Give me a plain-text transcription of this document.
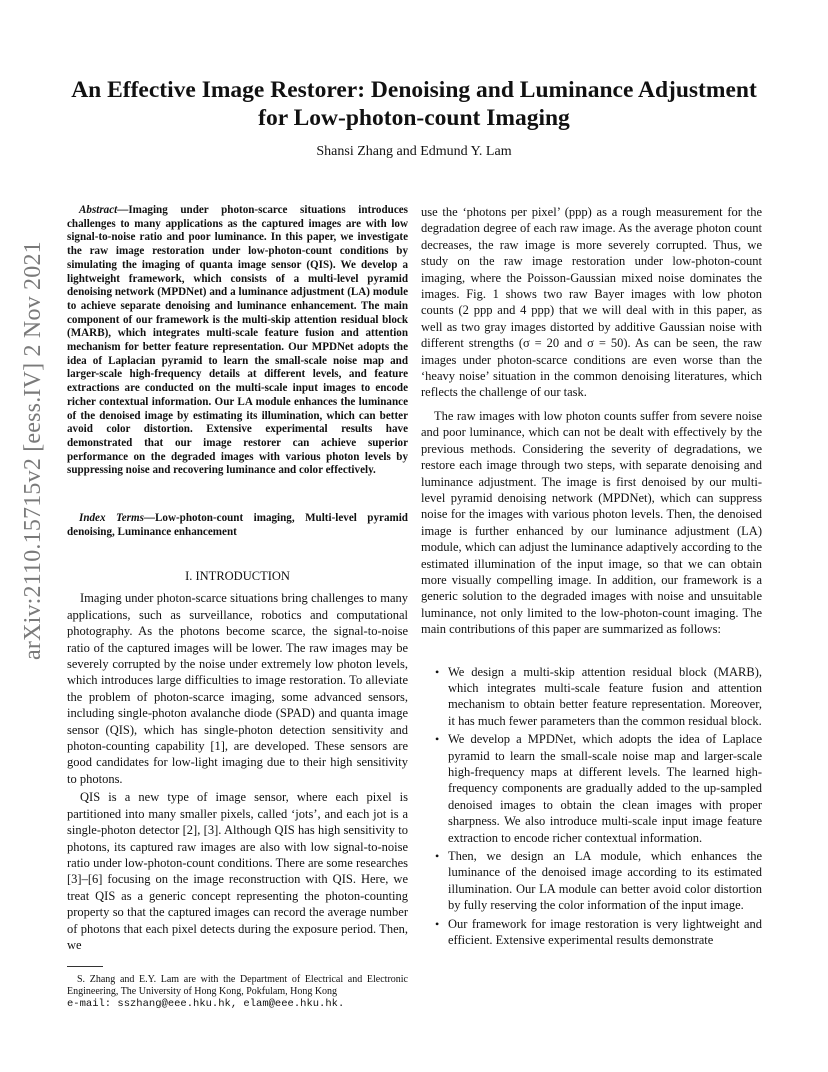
arXiv:2110.15715v2 [eess.IV] 2 Nov 2021
An Effective Image Restorer: Denoising and Luminance Adjustment
for Low-photon-count Imaging
Shansi Zhang and Edmund Y. Lam

Abstract—Imaging under photon-scarce situations introduces challenges to many applications as the captured images are with low signal-to-noise ratio and poor luminance. In this paper, we investigate the raw image restoration under low-photon-count conditions by simulating the imaging of quanta image sensor (QIS). We develop a lightweight framework, which consists of a multi-level pyramid denoising network (MPDNet) and a luminance adjustment (LA) module to achieve separate denoising and luminance enhancement. The main component of our framework is the multi-skip attention residual block (MARB), which integrates multi-scale feature fusion and attention mechanism for better feature representation. Our MPDNet adopts the idea of Laplacian pyramid to learn the small-scale noise map and larger-scale high-frequency details at different levels, and feature extractions are conducted on the multi-scale input images to encode richer contextual information. Our LA module enhances the luminance of the denoised image by estimating its illumination, which can better avoid color distortion. Extensive experimental results have demonstrated that our image restorer can achieve superior performance on the degraded images with various photon levels by suppressing noise and recovering luminance and color effectively.

Index Terms—Low-photon-count imaging, Multi-level pyramid denoising, Luminance enhancement

I. INTRODUCTION

Imaging under photon-scarce situations bring challenges to many applications, such as surveillance, robotics and computational photography. As the photons become scarce, the signal-to-noise ratio of the captured images will be lower. The raw images may be severely corrupted by the noise under extremely low photon levels, which introduces large difficulties to image restoration. To alleviate the problem of photon-scarce imaging, some advanced sensors, including single-photon avalanche diode (SPAD) and quanta image sensor (QIS), which has single-photon detection sensitivity and photon-counting capability [1], are developed. These sensors are good candidates for low-light imaging due to their high sensitivity to photons.

QIS is a new type of image sensor, where each pixel is partitioned into many smaller pixels, called ‘jots’, and each jot is a single-photon detector [2], [3]. Although QIS has high sensitivity to photons, its captured raw images are also with low signal-to-noise ratio under low-photon-count conditions. There are some researches [3]–[6] focusing on the image reconstruction with QIS. Here, we treat QIS as a generic concept representing the photon-counting property so that the captured images can record the average number of photons that each pixel detects during the exposure period. Then, we

use the ‘photons per pixel’ (ppp) as a rough measurement for the degradation degree of each raw image. As the average photon count decreases, the raw image is more severely corrupted. Thus, we study on the raw image restoration under low-photon-count imaging, where the Poisson-Gaussian mixed noise dominates the images. Fig. 1 shows two raw Bayer images with low photon counts (2 ppp and 4 ppp) that we will deal with in this paper, as well as two gray images distorted by additive Gaussian noise with different strengths (σ = 20 and σ = 50). As can be seen, the raw images under photon-scarce conditions are even worse than the ‘heavy noise’ situation in the common denoising literatures, which reflects the challenge of our task.

The raw images with low photon counts suffer from severe noise and poor luminance, which can not be dealt with effectively by the previous methods. Considering the severity of degradations, we restore each image through two steps, with separate denoising and luminance adjustment. The image is first denoised by our multi-level pyramid denoising network (MPDNet), which can suppress noise for the images with various photon levels. Then, the denoised image is further enhanced by our luminance adjustment (LA) module, which can adjust the luminance adaptively according to the estimated illumination of the input image, so that we can obtain more visually compelling image. In addition, our framework is a generic solution to the degraded images with noise and unsuitable luminance, not only limited to the low-photon-count imaging. The main contributions of this paper are summarized as follows:

• We design a multi-skip attention residual block (MARB), which integrates multi-scale feature fusion and attention mechanism to obtain better feature representation. Moreover, it has much fewer parameters than the common residual block.
• We develop a MPDNet, which adopts the idea of Laplace pyramid to learn the small-scale noise map and larger-scale high-frequency maps at different levels. The learned high-frequency components are gradually added to the up-sampled denoised images to obtain the clean images with proper sharpness. We also introduce multi-scale input image feature extraction to encode richer contextual information.
• Then, we design an LA module, which enhances the luminance of the denoised image according to its estimated illumination. Our LA module can better avoid color distortion by fully reserving the color information of the input image.
• Our framework for image restoration is very lightweight and efficient. Extensive experimental results demonstrate

S. Zhang and E.Y. Lam are with the Department of Electrical and Electronic Engineering, The University of Hong Kong, Pokfulam, Hong Kong
e-mail: sszhang@eee.hku.hk, elam@eee.hku.hk.
